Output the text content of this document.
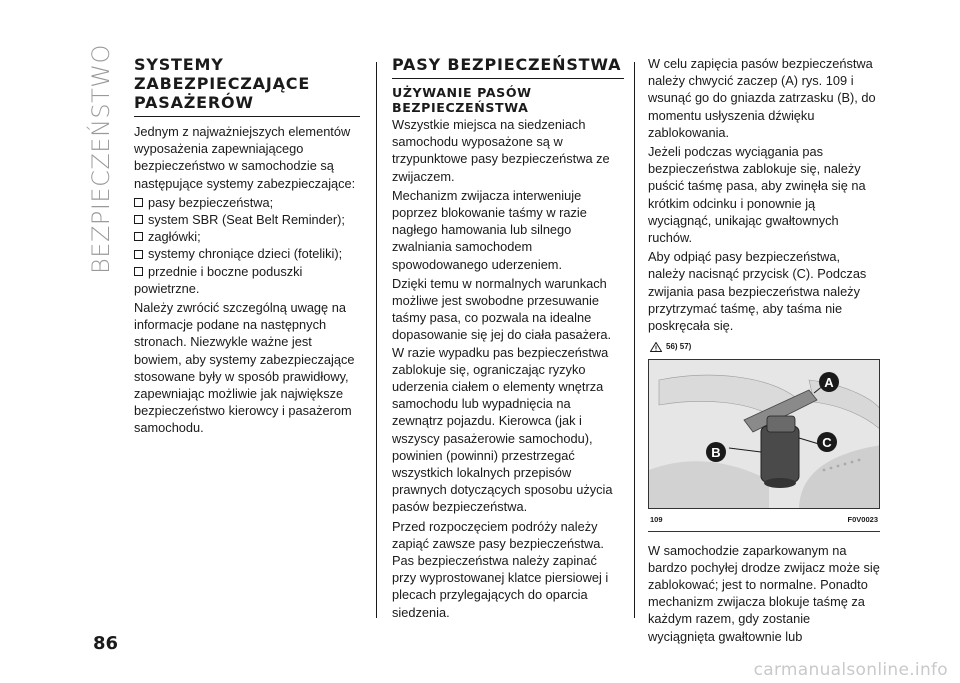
BEZPIECZEŃSTWO SYSTEMY ZABEZPIECZAJĄCE PASAŻERÓW

Jednym z najważniejszych elementów wyposażenia zapewniającego bezpieczeństwo w samochodzie są następujące systemy zabezpieczające:

pasy bezpieczeństwa;
system SBR (Seat Belt Reminder);
zagłówki;
systemy chroniące dzieci (foteliki);
przednie i boczne poduszki

powietrzne.

Należy zwrócić szczególną uwagę na informacje podane na następnych stronach. Niezwykle ważne jest bowiem, aby systemy zabezpieczające stosowane były w sposób prawidłowy, zapewniając możliwie jak największe bezpieczeństwo kierowcy i pasażerom samochodu.

PASY BEZPIECZEŃSTWA
UŻYWANIE PASÓW BEZPIECZEŃSTWA

Wszystkie miejsca na siedzeniach samochodu wyposażone są w trzypunktowe pasy bezpieczeństwa ze zwijaczem.

Mechanizm zwijacza interweniuje poprzez blokowanie taśmy w razie nagłego hamowania lub silnego zwalniania samochodem spowodowanego uderzeniem.

Dzięki temu w normalnych warunkach możliwe jest swobodne przesuwanie taśmy pasa, co pozwala na idealne dopasowanie się jej do ciała pasażera. W razie wypadku pas bezpieczeństwa zablokuje się, ograniczając ryzyko uderzenia ciałem o elementy wnętrza samochodu lub wypadnięcia na zewnątrz pojazdu. Kierowca (jak i wszyscy pasażerowie samochodu), powinien (powinni) przestrzegać wszystkich lokalnych przepisów prawnych dotyczących sposobu użycia pasów bezpieczeństwa.

Przed rozpoczęciem podróży należy zapiąć zawsze pasy bezpieczeństwa. Pas bezpieczeństwa należy zapinać przy wyprostowanej klatce piersiowej i plecach przylegających do oparcia siedzenia.

W celu zapięcia pasów bezpieczeństwa należy chwycić zaczep (A) rys. 109 i wsunąć go do gniazda zatrzasku (B), do momentu usłyszenia dźwięku zablokowania.

Jeżeli podczas wyciągania pas bezpieczeństwa zablokuje się, należy puścić taśmę pasa, aby zwinęła się na krótkim odcinku i ponownie ją wyciągnąć, unikając gwałtownych ruchów.

Aby odpiąć pasy bezpieczeństwa, należy nacisnąć przycisk (C). Podczas zwijania pasa bezpieczeństwa należy przytrzymać taśmę, aby taśma nie poskręcała się.

56) 57)
A
C
B
109	F0V0023

W samochodzie zaparkowanym na bardzo pochyłej drodze zwijacz może się zablokować; jest to normalne. Ponadto mechanizm zwijacza blokuje taśmę za każdym razem, gdy zostanie wyciągnięta gwałtownie lub

86
carmanualsonline.info
